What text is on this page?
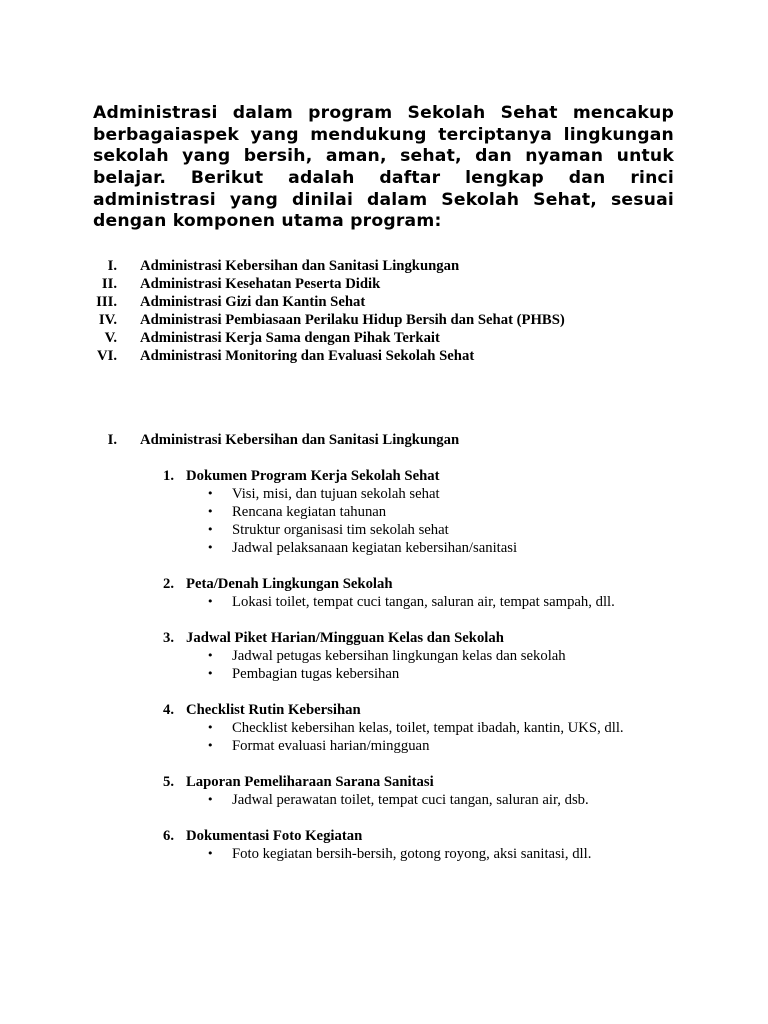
Administrasi dalam program Sekolah Sehat mencakup berbagaiaspek yang mendukung terciptanya lingkungan sekolah yang bersih, aman, sehat, dan nyaman untuk belajar. Berikut adalah daftar lengkap dan rinci administrasi yang dinilai dalam Sekolah Sehat, sesuai dengan komponen utama program:

I. Administrasi Kebersihan dan Sanitasi Lingkungan
II. Administrasi Kesehatan Peserta Didik
III. Administrasi Gizi dan Kantin Sehat
IV. Administrasi Pembiasaan Perilaku Hidup Bersih dan Sehat (PHBS)
V. Administrasi Kerja Sama dengan Pihak Terkait
VI. Administrasi Monitoring dan Evaluasi Sekolah Sehat
I. Administrasi Kebersihan dan Sanitasi Lingkungan
1. Dokumen Program Kerja Sekolah Sehat
• Visi, misi, dan tujuan sekolah sehat
• Rencana kegiatan tahunan
• Struktur organisasi tim sekolah sehat
• Jadwal pelaksanaan kegiatan kebersihan/sanitasi
2. Peta/Denah Lingkungan Sekolah
• Lokasi toilet, tempat cuci tangan, saluran air, tempat sampah, dll.
3. Jadwal Piket Harian/Mingguan Kelas dan Sekolah
• Jadwal petugas kebersihan lingkungan kelas dan sekolah
• Pembagian tugas kebersihan
4. Checklist Rutin Kebersihan
• Checklist kebersihan kelas, toilet, tempat ibadah, kantin, UKS, dll.
• Format evaluasi harian/mingguan
5. Laporan Pemeliharaan Sarana Sanitasi
• Jadwal perawatan toilet, tempat cuci tangan, saluran air, dsb.
6. Dokumentasi Foto Kegiatan
• Foto kegiatan bersih-bersih, gotong royong, aksi sanitasi, dll.
